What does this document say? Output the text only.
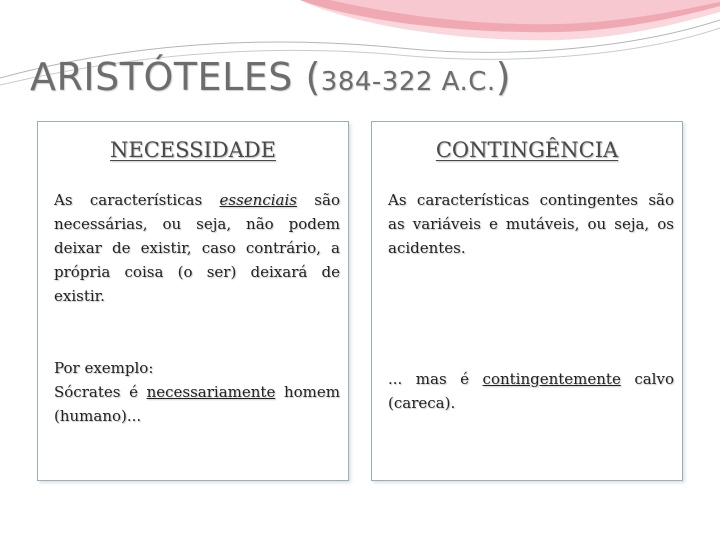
ARISTÓTELES (384-322 A.C.)
NECESSIDADE

As características essenciais são necessárias, ou seja, não podem deixar de existir, caso contrário, a própria coisa (o ser) deixará de existir.

Por exemplo:
Sócrates é necessariamente homem (humano)...

CONTINGÊNCIA

As características contingentes são as variáveis e mutáveis, ou seja, os acidentes.

... mas é contingentemente calvo (careca).
